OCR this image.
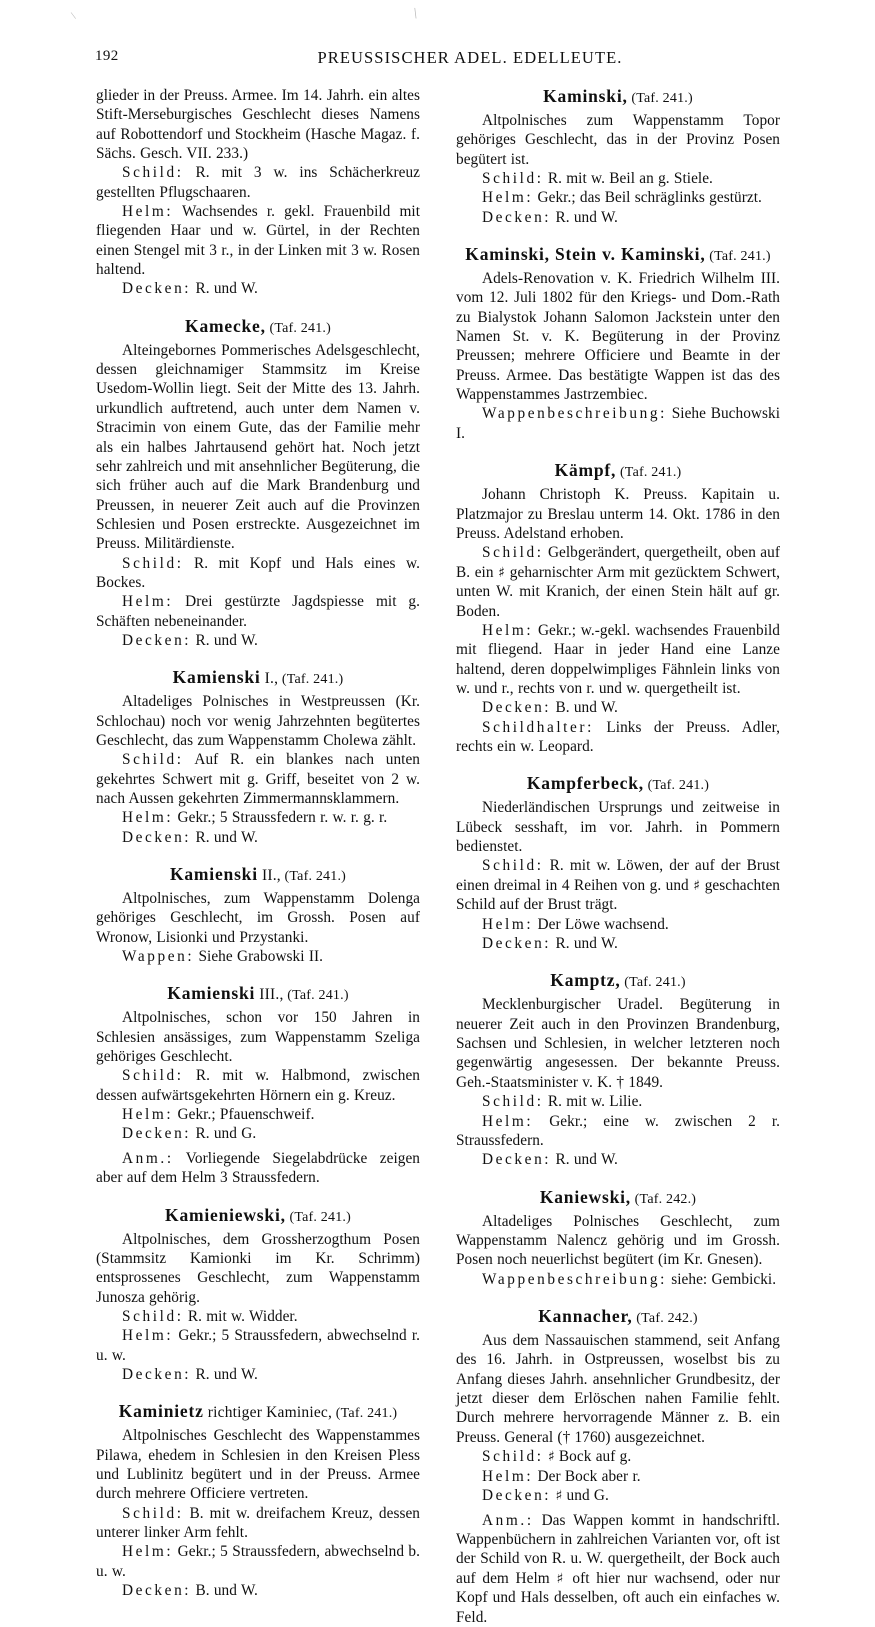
\	\
192	PREUSSISCHER ADEL. EDELLEUTE.

glieder in der Preuss. Armee. Im 14. Jahrh. ein altes Stift-Merseburgisches Geschlecht dieses Namens auf Robottendorf und Stockheim (Hasche Magaz. f. Sächs. Gesch. VII. 233.)

Schild: R. mit 3 w. ins Schächerkreuz gestellten Pflugschaaren.

Helm: Wachsendes r. gekl. Frauenbild mit fliegenden Haar und w. Gürtel, in der Rechten einen Stengel mit 3 r., in der Linken mit 3 w. Rosen haltend.

Decken: R. und W.

Kamecke, (Taf. 241.)

Alteingebornes Pommerisches Adelsgeschlecht, dessen gleichnamiger Stammsitz im Kreise Usedom-Wollin liegt. Seit der Mitte des 13. Jahrh. urkundlich auftretend, auch unter dem Namen v. Stracimin von einem Gute, das der Familie mehr als ein halbes Jahrtausend gehört hat. Noch jetzt sehr zahlreich und mit ansehnlicher Begüterung, die sich früher auch auf die Mark Brandenburg und Preussen, in neuerer Zeit auch auf die Provinzen Schlesien und Posen erstreckte. Ausgezeichnet im Preuss. Militärdienste.

Schild: R. mit Kopf und Hals eines w. Bockes.

Helm: Drei gestürzte Jagdspiesse mit g. Schäften nebeneinander.

Decken: R. und W.

Kamienski I., (Taf. 241.)

Altadeliges Polnisches in Westpreussen (Kr. Schlochau) noch vor wenig Jahrzehnten begütertes Geschlecht, das zum Wappenstamm Cholewa zählt.

Schild: Auf R. ein blankes nach unten gekehrtes Schwert mit g. Griff, beseitet von 2 w. nach Aussen gekehrten Zimmermannsklammern.

Helm: Gekr.; 5 Straussfedern r. w. r. g. r.

Decken: R. und W.

Kamienski II., (Taf. 241.)

Altpolnisches, zum Wappenstamm Dolenga gehöriges Geschlecht, im Grossh. Posen auf Wronow, Lisionki und Przystanki.

Wappen: Siehe Grabowski II.

Kamienski III., (Taf. 241.)

Altpolnisches, schon vor 150 Jahren in Schlesien ansässiges, zum Wappenstamm Szeliga gehöriges Geschlecht.

Schild: R. mit w. Halbmond, zwischen dessen aufwärtsgekehrten Hörnern ein g. Kreuz.

Helm: Gekr.; Pfauenschweif.

Decken: R. und G.

Anm.: Vorliegende Siegelabdrücke zeigen aber auf dem Helm 3 Straussfedern.

Kamieniewski, (Taf. 241.)

Altpolnisches, dem Grossherzogthum Posen (Stammsitz Kamionki im Kr. Schrimm) entsprossenes Geschlecht, zum Wappenstamm Junosza gehörig.

Schild: R. mit w. Widder.

Helm: Gekr.; 5 Straussfedern, abwechselnd r. u. w.

Decken: R. und W.

Kaminietz richtiger Kaminiec, (Taf. 241.)

Altpolnisches Geschlecht des Wappenstammes Pilawa, ehedem in Schlesien in den Kreisen Pless und Lublinitz begütert und in der Preuss. Armee durch mehrere Officiere vertreten.

Schild: B. mit w. dreifachem Kreuz, dessen unterer linker Arm fehlt.

Helm: Gekr.; 5 Straussfedern, abwechselnd b. u. w.

Decken: B. und W.

Kaminski, (Taf. 241.)

Altpolnisches zum Wappenstamm Topor gehöriges Geschlecht, das in der Provinz Posen begütert ist.

Schild: R. mit w. Beil an g. Stiele.

Helm: Gekr.; das Beil schräglinks gestürzt.

Decken: R. und W.

Kaminski, Stein v. Kaminski, (Taf. 241.)

Adels-Renovation v. K. Friedrich Wilhelm III. vom 12. Juli 1802 für den Kriegs- und Dom.-Rath zu Bialystok Johann Salomon Jackstein unter den Namen St. v. K. Begüterung in der Provinz Preussen; mehrere Officiere und Beamte in der Preuss. Armee. Das bestätigte Wappen ist das des Wappenstammes Jastrzembiec.

Wappenbeschreibung: Siehe Buchowski I.

Kämpf, (Taf. 241.)

Johann Christoph K. Preuss. Kapitain u. Platzmajor zu Breslau unterm 14. Okt. 1786 in den Preuss. Adelstand erhoben.

Schild: Gelbgerändert, quergetheilt, oben auf B. ein ♯ geharnischter Arm mit gezücktem Schwert, unten W. mit Kranich, der einen Stein hält auf gr. Boden.

Helm: Gekr.; w.-gekl. wachsendes Frauenbild mit fliegend. Haar in jeder Hand eine Lanze haltend, deren doppelwimpliges Fähnlein links von w. und r., rechts von r. und w. quergetheilt ist.

Decken: B. und W.

Schildhalter: Links der Preuss. Adler, rechts ein w. Leopard.

Kampferbeck, (Taf. 241.)

Niederländischen Ursprungs und zeitweise in Lübeck sesshaft, im vor. Jahrh. in Pommern bedienstet.

Schild: R. mit w. Löwen, der auf der Brust einen dreimal in 4 Reihen von g. und ♯ geschachten Schild auf der Brust trägt.

Helm: Der Löwe wachsend.

Decken: R. und W.

Kamptz, (Taf. 241.)

Mecklenburgischer Uradel. Begüterung in neuerer Zeit auch in den Provinzen Brandenburg, Sachsen und Schlesien, in welcher letzteren noch gegenwärtig angesessen. Der bekannte Preuss. Geh.-Staatsminister v. K. † 1849.

Schild: R. mit w. Lilie.

Helm: Gekr.; eine w. zwischen 2 r. Straussfedern.

Decken: R. und W.

Kaniewski, (Taf. 242.)

Altadeliges Polnisches Geschlecht, zum Wappenstamm Nalencz gehörig und im Grossh. Posen noch neuerlichst begütert (im Kr. Gnesen).

Wappenbeschreibung: siehe: Gembicki.

Kannacher, (Taf. 242.)

Aus dem Nassauischen stammend, seit Anfang des 16. Jahrh. in Ostpreussen, woselbst bis zu Anfang dieses Jahrh. ansehnlicher Grundbesitz, der jetzt dieser dem Erlöschen nahen Familie fehlt. Durch mehrere hervorragende Männer z. B. ein Preuss. General († 1760) ausgezeichnet.

Schild: ♯ Bock auf g.

Helm: Der Bock aber r.

Decken: ♯ und G.

Anm.: Das Wappen kommt in handschriftl. Wappenbüchern in zahlreichen Varianten vor, oft ist der Schild von R. u. W. quergetheilt, der Bock auch auf dem Helm ♯ oft hier nur wachsend, oder nur Kopf und Hals desselben, oft auch ein einfaches w. Feld.
